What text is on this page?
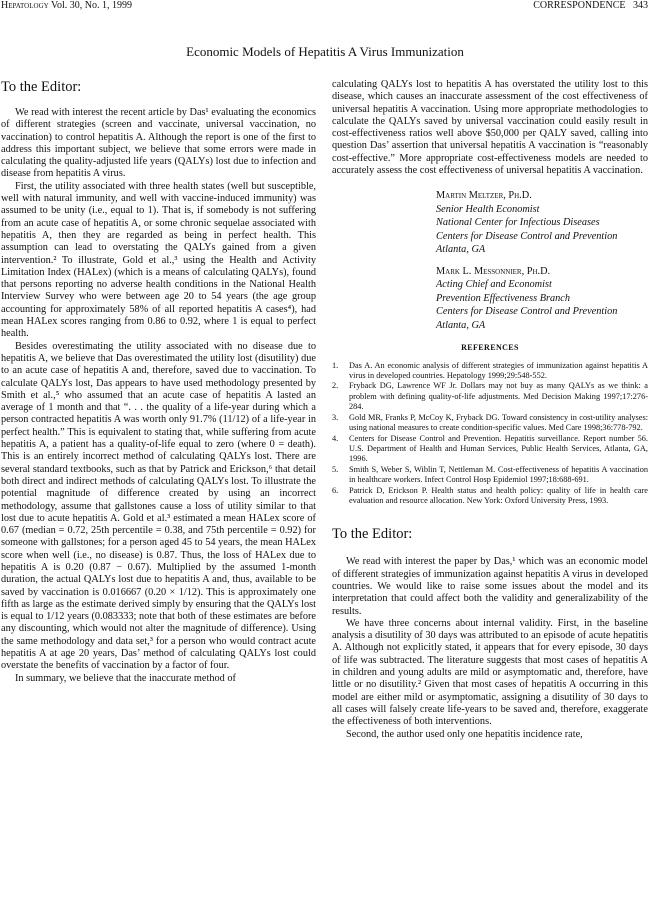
Hepatology Vol. 30, No. 1, 1999	CORRESPONDENCE 343
Economic Models of Hepatitis A Virus Immunization
To the Editor:

We read with interest the recent article by Das¹ evaluating the economics of different strategies (screen and vaccinate, universal vaccination, no vaccination) to control hepatitis A. Although the report is one of the first to address this important subject, we believe that some errors were made in calculating the quality-adjusted life years (QALYs) lost due to infection and disease from hepatitis A virus.

First, the utility associated with three health states (well but susceptible, well with natural immunity, and well with vaccine-induced immunity) was assumed to be unity (i.e., equal to 1). That is, if somebody is not suffering from an acute case of hepatitis A, or some chronic sequelae associated with hepatitis A, then they are regarded as being in perfect health. This assumption can lead to overstating the QALYs gained from a given intervention.² To illustrate, Gold et al.,³ using the Health and Activity Limitation Index (HALex) (which is a means of calculating QALYs), found that persons reporting no adverse health conditions in the National Health Interview Survey who were between age 20 to 54 years (the age group accounting for approximately 58% of all reported hepatitis A cases⁴), had mean HALex scores ranging from 0.86 to 0.92, where 1 is equal to perfect health.

Besides overestimating the utility associated with no disease due to hepatitis A, we believe that Das overestimated the utility lost (disutility) due to an acute case of hepatitis A and, therefore, saved due to vaccination. To calculate QALYs lost, Das appears to have used methodology presented by Smith et al.,⁵ who assumed that an acute case of hepatitis A lasted an average of 1 month and that “. . . the quality of a life-year during which a person contracted hepatitis A was worth only 91.7% (11/12) of a life-year in perfect health.” This is equivalent to stating that, while suffering from acute hepatitis A, a patient has a quality-of-life equal to zero (where 0 = death). This is an entirely incorrect method of calculating QALYs lost. There are several standard textbooks, such as that by Patrick and Erickson,⁶ that detail both direct and indirect methods of calculating QALYs lost. To illustrate the potential magnitude of difference created by using an incorrect methodology, assume that gallstones cause a loss of utility similar to that lost due to acute hepatitis A. Gold et al.³ estimated a mean HALex score of 0.67 (median = 0.72, 25th percentile = 0.38, and 75th percentile = 0.92) for someone with gallstones; for a person aged 45 to 54 years, the mean HALex score when well (i.e., no disease) is 0.87. Thus, the loss of HALex due to hepatitis A is 0.20 (0.87 − 0.67). Multiplied by the assumed 1-month duration, the actual QALYs lost due to hepatitis A and, thus, available to be saved by vaccination is 0.016667 (0.20 × 1/12). This is approximately one fifth as large as the estimate derived simply by ensuring that the QALYs lost is equal to 1/12 years (0.083333; note that both of these estimates are before any discounting, which would not alter the magnitude of difference). Using the same methodology and data set,³ for a person who would contract acute hepatitis A at age 20 years, Das’ method of calculating QALYs lost could overstate the benefits of vaccination by a factor of four.

In summary, we believe that the inaccurate method of

calculating QALYs lost to hepatitis A has overstated the utility lost to this disease, which causes an inaccurate assessment of the cost effectiveness of universal hepatitis A vaccination. Using more appropriate methodologies to calculate the QALYs saved by universal vaccination could easily result in cost-effectiveness ratios well above $50,000 per QALY saved, calling into question Das’ assertion that universal hepatitis A vaccination is “reasonably cost-effective.” More appropriate cost-effectiveness models are needed to accurately assess the cost effectiveness of universal hepatitis A vaccination.

Martin Meltzer, Ph.D.
Senior Health Economist
National Center for Infectious Diseases
Centers for Disease Control and Prevention
Atlanta, GA
Mark L. Messonnier, Ph.D.
Acting Chief and Economist
Prevention Effectiveness Branch
Centers for Disease Control and Prevention
Atlanta, GA
REFERENCES
1. Das A. An economic analysis of different strategies of immunization against hepatitis A virus in developed countries. Hepatology 1999;29:548-552.
2. Fryback DG, Lawrence WF Jr. Dollars may not buy as many QALYs as we think: a problem with defining quality-of-life adjustments. Med Decision Making 1997;17:276-284.
3. Gold MR, Franks P, McCoy K, Fryback DG. Toward consistency in cost-utility analyses: using national measures to create condition-specific values. Med Care 1998;36:778-792.
4. Centers for Disease Control and Prevention. Hepatitis surveillance. Report number 56. U.S. Department of Health and Human Services, Public Health Services, Atlanta, GA, 1996.
5. Smith S, Weber S, Wiblin T, Nettleman M. Cost-effectiveness of hepatitis A vaccination in healthcare workers. Infect Control Hosp Epidemiol 1997;18:688-691.
6. Patrick D, Erickson P. Health status and health policy: quality of life in health care evaluation and resource allocation. New York: Oxford University Press, 1993.
To the Editor:

We read with interest the paper by Das,¹ which was an economic model of different strategies of immunization against hepatitis A virus in developed countries. We would like to raise some issues about the model and its interpretation that could affect both the validity and generalizability of the results.

We have three concerns about internal validity. First, in the baseline analysis a disutility of 30 days was attributed to an episode of acute hepatitis A. Although not explicitly stated, it appears that for every episode, 30 days of life was subtracted. The literature suggests that most cases of hepatitis A in children and young adults are mild or asymptomatic and, therefore, have little or no disutility.² Given that most cases of hepatitis A occurring in this model are either mild or asymptomatic, assigning a disutility of 30 days to all cases will falsely create life-years to be saved and, therefore, exaggerate the effectiveness of both interventions.

Second, the author used only one hepatitis incidence rate,
